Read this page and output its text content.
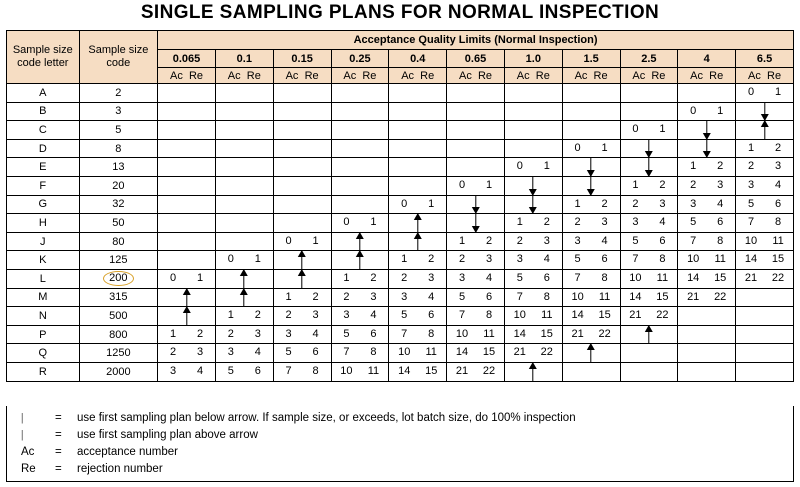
SINGLE SAMPLING PLANS FOR NORMAL INSPECTION
Sample size code letter	Sample size code	Acceptance Quality Limits (Normal Inspection)										
		0.065	0.1	0.15	0.25	0.4	0.65	1.0	1.5	2.5	4	6.5
		Ac Re	Ac Re	Ac Re	Ac Re	Ac Re	Ac Re	Ac Re	Ac Re	Ac Re	Ac Re	Ac Re
A	2											0 1

B	3										0 1	

C	5									0 1		

D	8								0 1			1 2

E	13							0 1			1 2	2 3

F	20						0 1			1 2	2 3	3 4

G	32					0 1			1 2	2 3	3 4	5 6

H	50				0 1			1 2	2 3	3 4	5 6	7 8

J	80			0 1			1 2	2 3	3 4	5 6	7 8	10 11

K	125		0 1			1 2	2 3	3 4	5 6	7 8	10 11	14 15

L	200	0 1			1 2	2 3	3 4	5 6	7 8	10 11	14 15	21 22

M	315			1 2	2 3	3 4	5 6	7 8	10 11	14 15	21 22	

N	500		1 2	2 3	3 4	5 6	7 8	10 11	14 15	21 22		

P	800	1 2	2 3	3 4	5 6	7 8	10 11	14 15	21 22			

Q	1250	2 3	3 4	5 6	7 8	10 11	14 15	21 22				

R	2000	3 4	5 6	7 8	10 11	14 15	21 22					

|	=	use first sampling plan below arrow. If sample size, or exceeds, lot batch size, do 100% inspection
|	=	use first sampling plan above arrow
Ac	=	acceptance number
Re	=	rejection number
